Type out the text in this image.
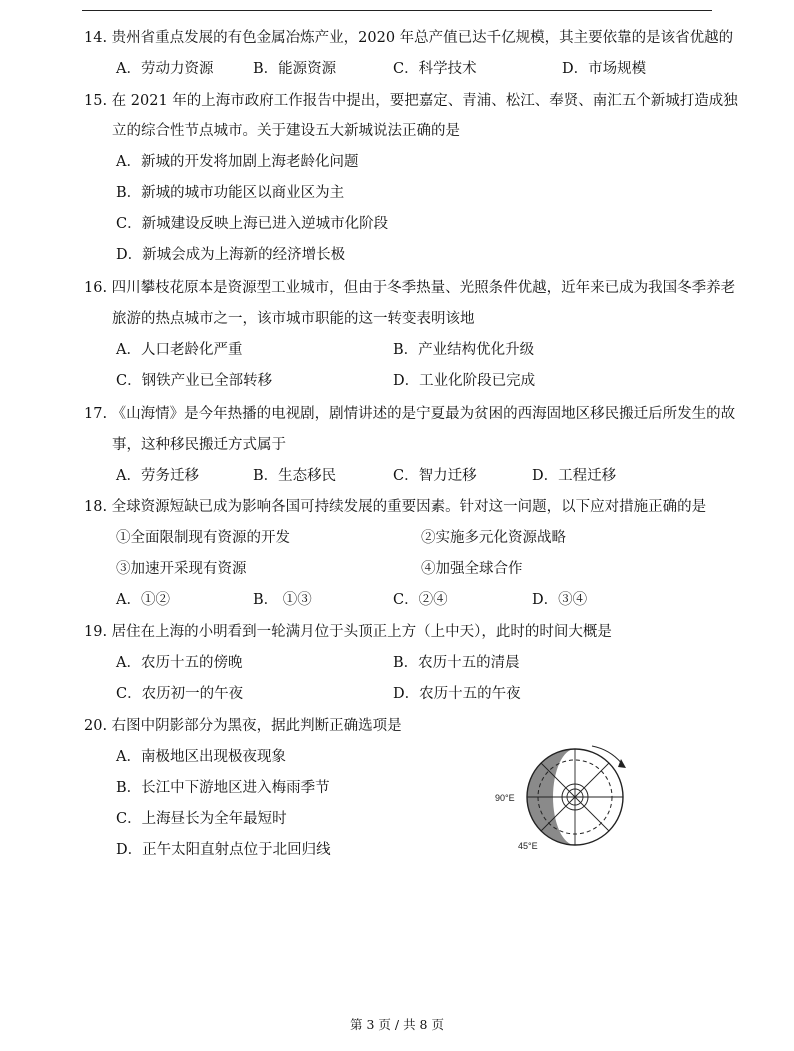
14. 贵州省重点发展的有色金属冶炼产业，2020 年总产值已达千亿规模，其主要依靠的是该省优越的
A．劳动力资源	B．能源资源	C．科学技术	D．市场规模
15. 在 2021 年的上海市政府工作报告中提出，要把嘉定、青浦、松江、奉贤、南汇五个新城打造成独
立的综合性节点城市。关于建设五大新城说法正确的是
A．新城的开发将加剧上海老龄化问题
B．新城的城市功能区以商业区为主
C．新城建设反映上海已进入逆城市化阶段
D．新城会成为上海新的经济增长极
16. 四川攀枝花原本是资源型工业城市，但由于冬季热量、光照条件优越，近年来已成为我国冬季养老
旅游的热点城市之一，该市城市职能的这一转变表明该地
A．人口老龄化严重	B．产业结构优化升级
C．钢铁产业已全部转移	D．工业化阶段已完成
17. 《山海情》是今年热播的电视剧，剧情讲述的是宁夏最为贫困的西海固地区移民搬迁后所发生的故
事，这种移民搬迁方式属于
A．劳务迁移	B．生态移民	C．智力迁移	D．工程迁移
18. 全球资源短缺已成为影响各国可持续发展的重要因素。针对这一问题，以下应对措施正确的是
①全面限制现有资源的开发	②实施多元化资源战略
③加速开采现有资源	④加强全球合作
A．①②	B． ①③	C．②④	D．③④
19. 居住在上海的小明看到一轮满月位于头顶正上方（上中天），此时的时间大概是
A．农历十五的傍晚	B．农历十五的清晨
C．农历初一的午夜	D．农历十五的午夜
20. 右图中阴影部分为黑夜，据此判断正确选项是
A．南极地区出现极夜现象
B．长江中下游地区进入梅雨季节
C．上海昼长为全年最短时
D．正午太阳直射点位于北回归线
90°E
45°E
第 3 页 / 共 8 页
